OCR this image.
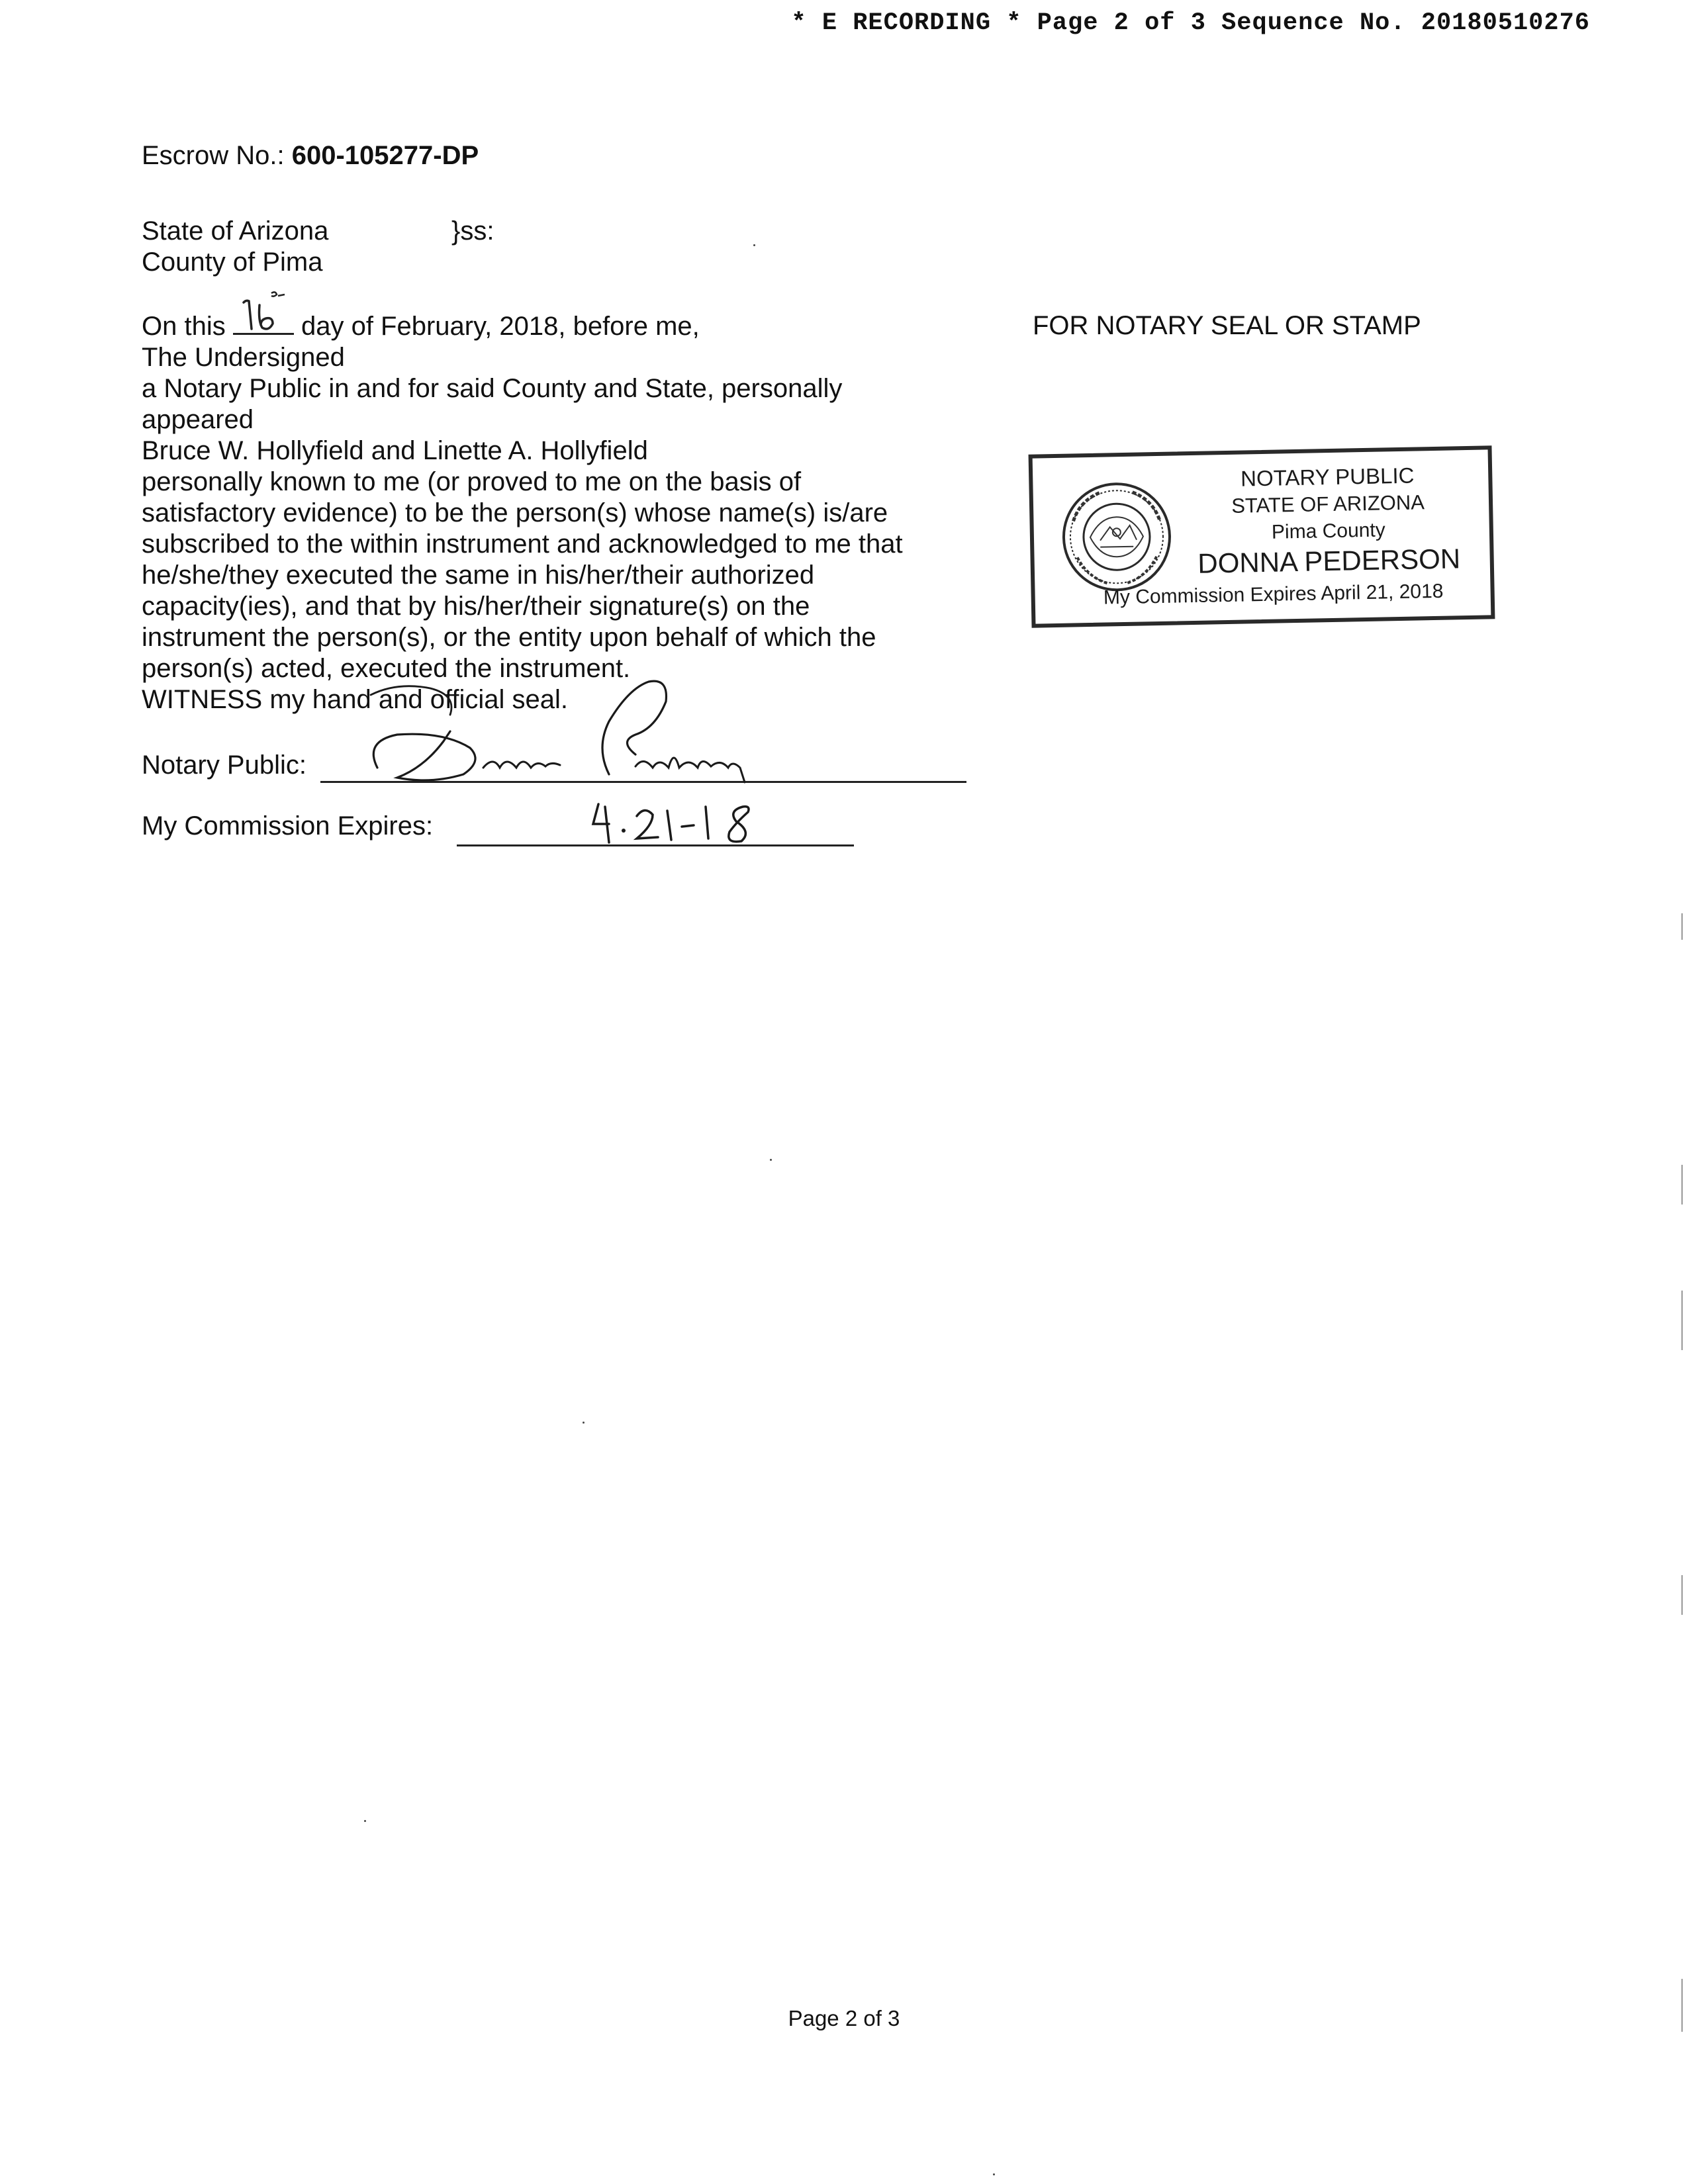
* E RECORDING * Page 2 of 3 Sequence No. 20180510276
Escrow No.: 600-105277-DP
State of Arizona
County of Pima
}ss:
On this	day of February, 2018, before me,
The Undersigned
a Notary Public in and for said County and State, personally
appeared
Bruce W. Hollyfield and Linette A. Hollyfield
personally known to me (or proved to me on the basis of
satisfactory evidence) to be the person(s) whose name(s) is/are
subscribed to the within instrument and acknowledged to me that
he/she/they executed the same in his/her/their authorized
capacity(ies), and that by his/her/their signature(s) on the
instrument the person(s), or the entity upon behalf of which the
person(s) acted, executed the instrument.
WITNESS my hand and official seal.
Notary Public:
My Commission Expires:
FOR NOTARY SEAL OR STAMP
NOTARY PUBLIC
STATE OF ARIZONA
Pima County
DONNA PEDERSON
My Commission Expires April 21, 2018
Page 2 of 3
